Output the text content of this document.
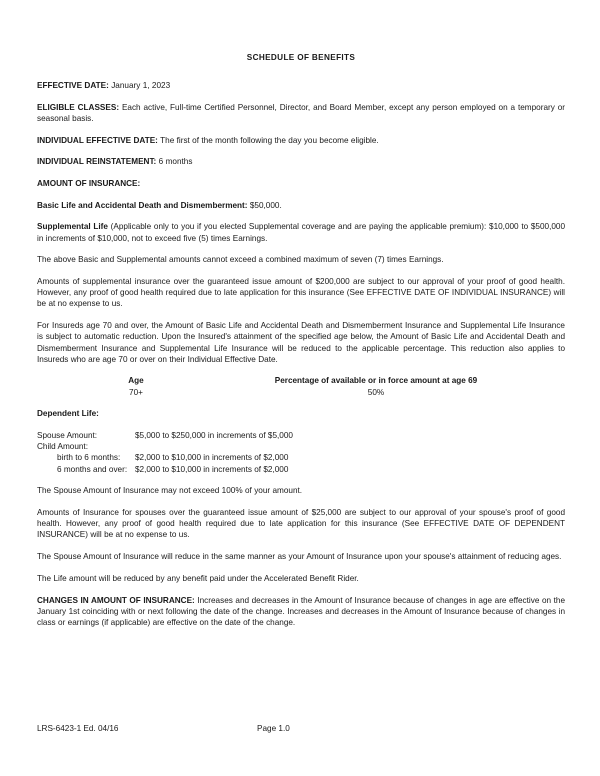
SCHEDULE OF BENEFITS

EFFECTIVE DATE: January 1, 2023

ELIGIBLE CLASSES: Each active, Full-time Certified Personnel, Director, and Board Member, except any person employed on a temporary or seasonal basis.

INDIVIDUAL EFFECTIVE DATE: The first of the month following the day you become eligible.

INDIVIDUAL REINSTATEMENT: 6 months

AMOUNT OF INSURANCE:

Basic Life and Accidental Death and Dismemberment: $50,000.

Supplemental Life (Applicable only to you if you elected Supplemental coverage and are paying the applicable premium): $10,000 to $500,000 in increments of $10,000, not to exceed five (5) times Earnings.

The above Basic and Supplemental amounts cannot exceed a combined maximum of seven (7) times Earnings.

Amounts of supplemental insurance over the guaranteed issue amount of $200,000 are subject to our approval of your proof of good health. However, any proof of good health required due to late application for this insurance (See EFFECTIVE DATE OF INDIVIDUAL INSURANCE) will be at no expense to us.

For Insureds age 70 and over, the Amount of Basic Life and Accidental Death and Dismemberment Insurance and Supplemental Life Insurance is subject to automatic reduction. Upon the Insured's attainment of the specified age below, the Amount of Basic Life and Accidental Death and Dismemberment Insurance and Supplemental Life Insurance will be reduced to the applicable percentage. This reduction also applies to Insureds who are age 70 or over on their Individual Effective Date.

Age	Percentage of available or in force amount at age 69
70+	50%
Dependent Life:
Spouse Amount:	$5,000 to $250,000 in increments of $5,000
Child Amount:
birth to 6 months: $2,000 to $10,000 in increments of $2,000
6 months and over: $2,000 to $10,000 in increments of $2,000

The Spouse Amount of Insurance may not exceed 100% of your amount.

Amounts of Insurance for spouses over the guaranteed issue amount of $25,000 are subject to our approval of your spouse's proof of good health. However, any proof of good health required due to late application for this insurance (See EFFECTIVE DATE OF DEPENDENT INSURANCE) will be at no expense to us.

The Spouse Amount of Insurance will reduce in the same manner as your Amount of Insurance upon your spouse's attainment of reducing ages.

The Life amount will be reduced by any benefit paid under the Accelerated Benefit Rider.

CHANGES IN AMOUNT OF INSURANCE: Increases and decreases in the Amount of Insurance because of changes in age are effective on the January 1st coinciding with or next following the date of the change. Increases and decreases in the Amount of Insurance because of changes in class or earnings (if applicable) are effective on the date of the change.

LRS-6423-1 Ed. 04/16	Page 1.0
